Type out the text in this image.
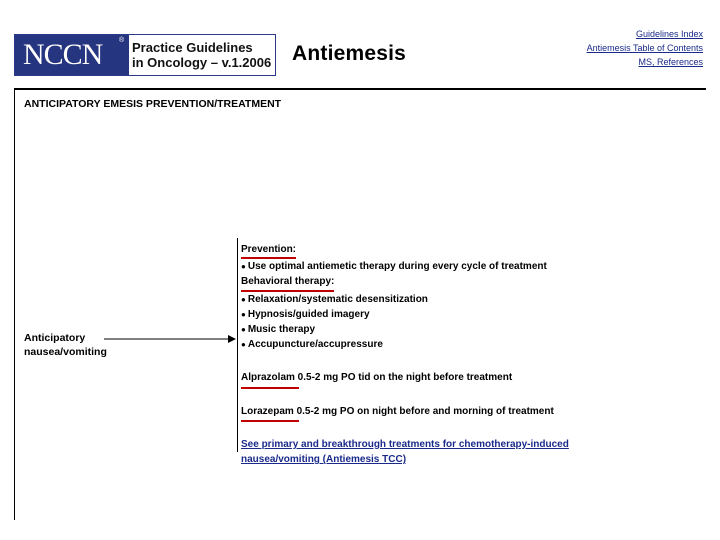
NCCN ® Practice Guidelines
in Oncology – v.1.2006 Antiemesis
Guidelines Index
Antiemesis Table of Contents
MS, References
ANTICIPATORY EMESIS PREVENTION/TREATMENT
Anticipatory
nausea/vomiting
Prevention:
● Use optimal antiemetic therapy during every cycle of treatment
Behavioral therapy:
● Relaxation/systematic desensitization
● Hypnosis/guided imagery
● Music therapy
● Accupuncture/accupressure
Alprazolam 0.5-2 mg PO tid on the night before treatment
Lorazepam 0.5-2 mg PO on night before and morning of treatment
See primary and breakthrough treatments for chemotherapy-induced nausea/vomiting (Antiemesis TCC)
